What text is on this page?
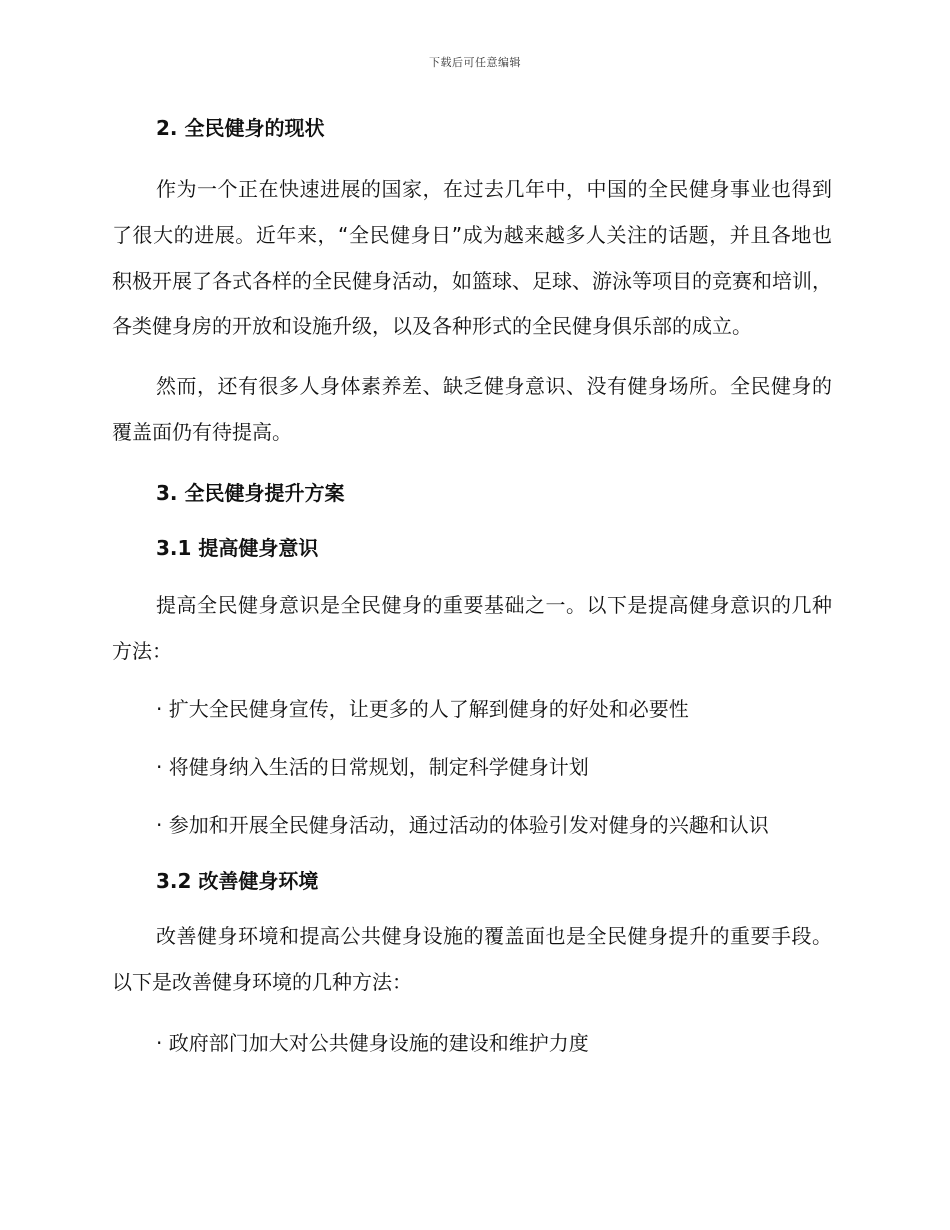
下载后可任意编辑
2. 全民健身的现状

作为一个正在快速进展的国家，在过去几年中，中国的全民健身事业也得到了很大的进展。近年来，“全民健身日”成为越来越多人关注的话题，并且各地也积极开展了各式各样的全民健身活动，如篮球、足球、游泳等项目的竞赛和培训，各类健身房的开放和设施升级，以及各种形式的全民健身俱乐部的成立。

然而，还有很多人身体素养差、缺乏健身意识、没有健身场所。全民健身的覆盖面仍有待提高。

3. 全民健身提升方案
3.1 提高健身意识

提高全民健身意识是全民健身的重要基础之一。以下是提高健身意识的几种方法：

· 扩大全民健身宣传，让更多的人了解到健身的好处和必要性

· 将健身纳入生活的日常规划，制定科学健身计划

· 参加和开展全民健身活动，通过活动的体验引发对健身的兴趣和认识

3.2 改善健身环境

改善健身环境和提高公共健身设施的覆盖面也是全民健身提升的重要手段。以下是改善健身环境的几种方法：

· 政府部门加大对公共健身设施的建设和维护力度
